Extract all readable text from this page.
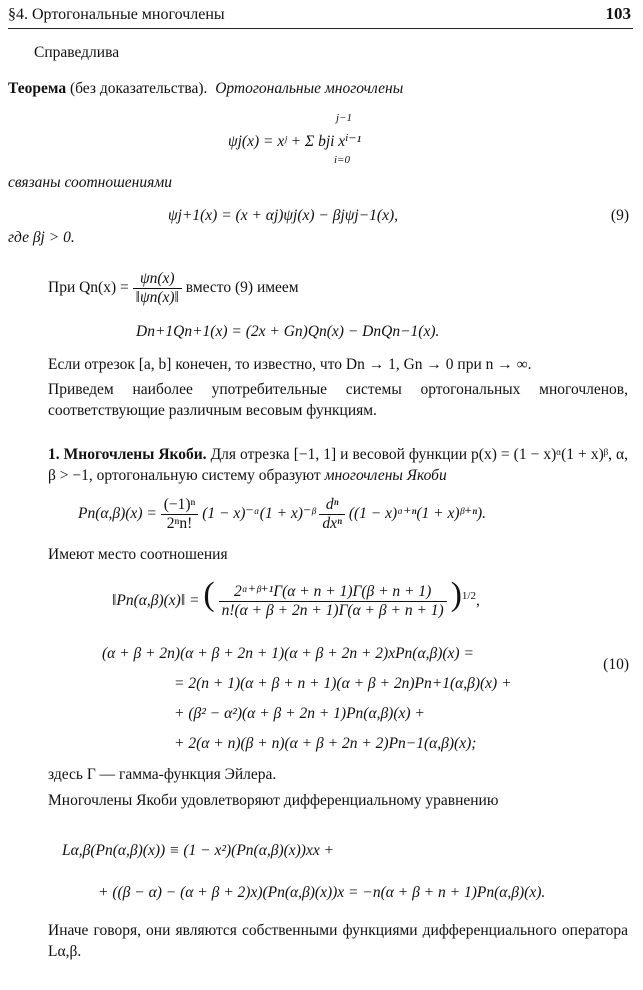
§4. Ортогональные многочлены	103
Справедлива
Теорема (без доказательства). Ортогональные многочлены
j−1
ψj(x) = xʲ + Σ bji xⁱ⁻¹
i=0
связаны соотношениями
ψj+1(x) = (x + αj)ψj(x) − βjψj−1(x),	(9)
где βj > 0.
При $Qn(x) = \frac{\psi n(x)}{‖\psi n(x)‖}$ вместо (9) имеем
Dn+1Qn+1(x) = (2x + Gn)Qn(x) − DnQn−1(x).
Если отрезок [a, b] конечен, то известно, что Dn → 1, Gn → 0 при n → ∞.
Приведем наиболее употребительные системы ортогональных многочленов, соответствующие различным весовым функциям.
1. Многочлены Якоби. Для отрезка [−1, 1] и весовой функции p(x) = (1 − x)ᵅ(1 + x)ᵝ, α, β > −1, ортогональную систему образуют многочлены Якоби
$Pn(\alpha,\beta)(x) = \frac{\text{(−1)ⁿ}}{\text{2ⁿn!}} (1$ − x)⁻ᵅ(1 + x)⁻ᵝ $\frac{\text{dⁿ}}{\text{dxⁿ}} ((1$ − x)ᵅ⁺ⁿ(1 + x)ᵝ⁺ⁿ).
Имеют место соотношения
‖Pn(α,β)(x)‖ = ( $\frac{\text{2ᵅ⁺ᵝ⁺¹Γ(α + n + 1)Γ(β + n + 1)}}{n!(\alpha + \beta + 2n + 1)\Gamma(\alpha + \beta + n + 1)} )^{1/2}$,
(α + β + 2n)(α + β + 2n + 1)(α + β + 2n + 2)xPn(α,β)(x) =
(10)
= 2(n + 1)(α + β + n + 1)(α + β + 2n)Pn+1(α,β)(x) +
+ (β² − α²)(α + β + 2n + 1)Pn(α,β)(x) +
+ 2(α + n)(β + n)(α + β + 2n + 2)Pn−1(α,β)(x);
здесь Γ — гамма-функция Эйлера.
Многочлены Якоби удовлетворяют дифференциальному уравнению
Lα,β(Pn(α,β)(x)) ≡ (1 − x²)(Pn(α,β)(x))xx +
+ ((β − α) − (α + β + 2)x)(Pn(α,β)(x))x = −n(α + β + n + 1)Pn(α,β)(x).
Иначе говоря, они являются собственными функциями дифференциального оператора Lα,β.
